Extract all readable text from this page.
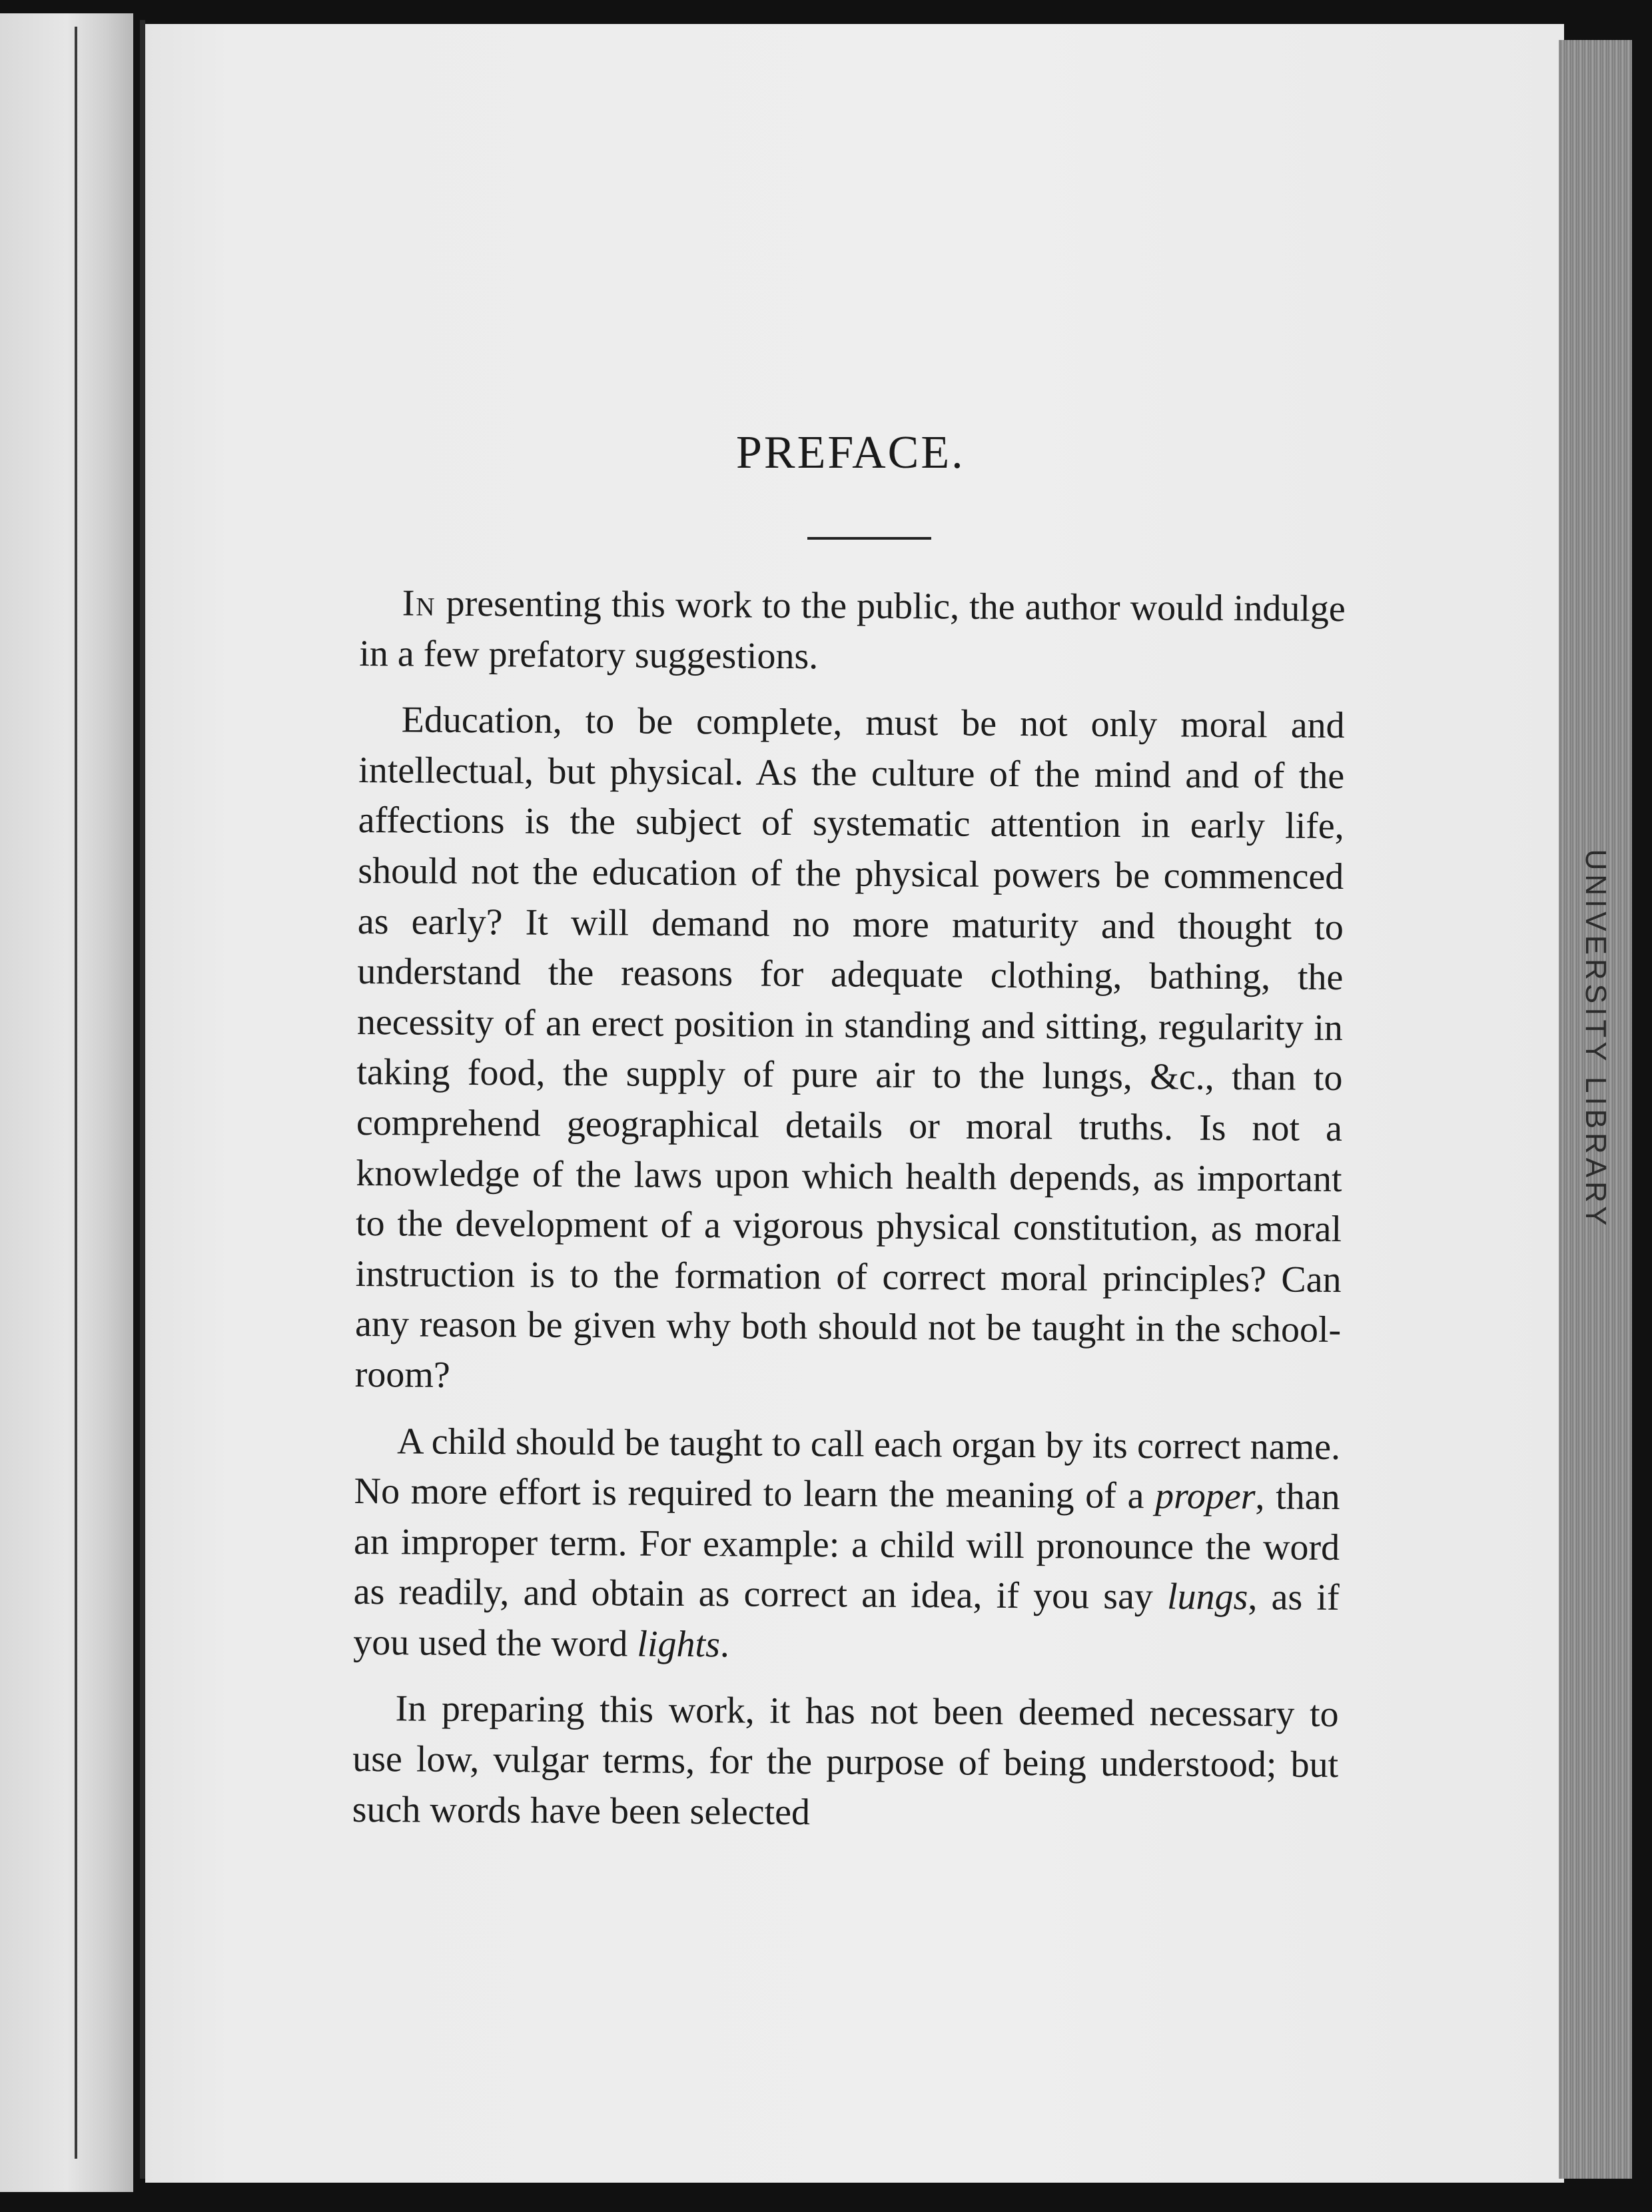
UNIVERSITY LIBRARY
PREFACE.

In presenting this work to the public, the author would indulge in a few prefatory suggestions.

Education, to be complete, must be not only moral and intellectual, but physical. As the culture of the mind and of the affections is the subject of systematic attention in early life, should not the education of the physical powers be commenced as early? It will demand no more maturity and thought to understand the reasons for adequate clothing, bathing, the necessity of an erect position in standing and sitting, regularity in taking food, the supply of pure air to the lungs, &c., than to comprehend geographical details or moral truths. Is not a knowledge of the laws upon which health depends, as important to the development of a vigorous physical constitution, as moral instruction is to the formation of correct moral principles? Can any reason be given why both should not be taught in the school-room?

A child should be taught to call each organ by its correct name. No more effort is required to learn the meaning of a proper, than an improper term. For example: a child will pronounce the word as readily, and obtain as correct an idea, if you say lungs, as if you used the word lights.

In preparing this work, it has not been deemed necessary to use low, vulgar terms, for the purpose of being understood; but such words have been selected
